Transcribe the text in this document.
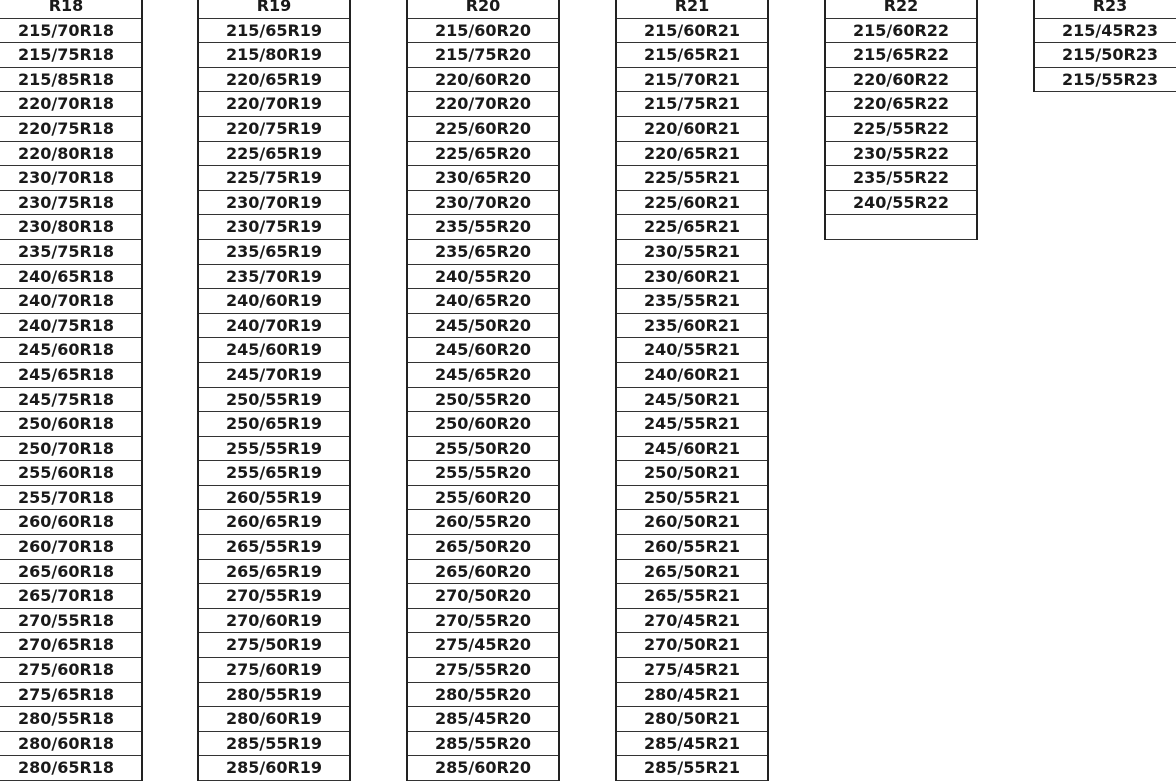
R18
215/70R18
215/75R18
215/85R18
220/70R18
220/75R18
220/80R18
230/70R18
230/75R18
230/80R18
235/75R18
240/65R18
240/70R18
240/75R18
245/60R18
245/65R18
245/75R18
250/60R18
250/70R18
255/60R18
255/70R18
260/60R18
260/70R18
265/60R18
265/70R18
270/55R18
270/65R18
275/60R18
275/65R18
280/55R18
280/60R18
280/65R18
R19
215/65R19
215/80R19
220/65R19
220/70R19
220/75R19
225/65R19
225/75R19
230/70R19
230/75R19
235/65R19
235/70R19
240/60R19
240/70R19
245/60R19
245/70R19
250/55R19
250/65R19
255/55R19
255/65R19
260/55R19
260/65R19
265/55R19
265/65R19
270/55R19
270/60R19
275/50R19
275/60R19
280/55R19
280/60R19
285/55R19
285/60R19
R20
215/60R20
215/75R20
220/60R20
220/70R20
225/60R20
225/65R20
230/65R20
230/70R20
235/55R20
235/65R20
240/55R20
240/65R20
245/50R20
245/60R20
245/65R20
250/55R20
250/60R20
255/50R20
255/55R20
255/60R20
260/55R20
265/50R20
265/60R20
270/50R20
270/55R20
275/45R20
275/55R20
280/55R20
285/45R20
285/55R20
285/60R20
R21
215/60R21
215/65R21
215/70R21
215/75R21
220/60R21
220/65R21
225/55R21
225/60R21
225/65R21
230/55R21
230/60R21
235/55R21
235/60R21
240/55R21
240/60R21
245/50R21
245/55R21
245/60R21
250/50R21
250/55R21
260/50R21
260/55R21
265/50R21
265/55R21
270/45R21
270/50R21
275/45R21
280/45R21
280/50R21
285/45R21
285/55R21
R22
215/60R22
215/65R22
220/60R22
220/65R22
225/55R22
230/55R22
235/55R22
240/55R22
R23
215/45R23
215/50R23
215/55R23
